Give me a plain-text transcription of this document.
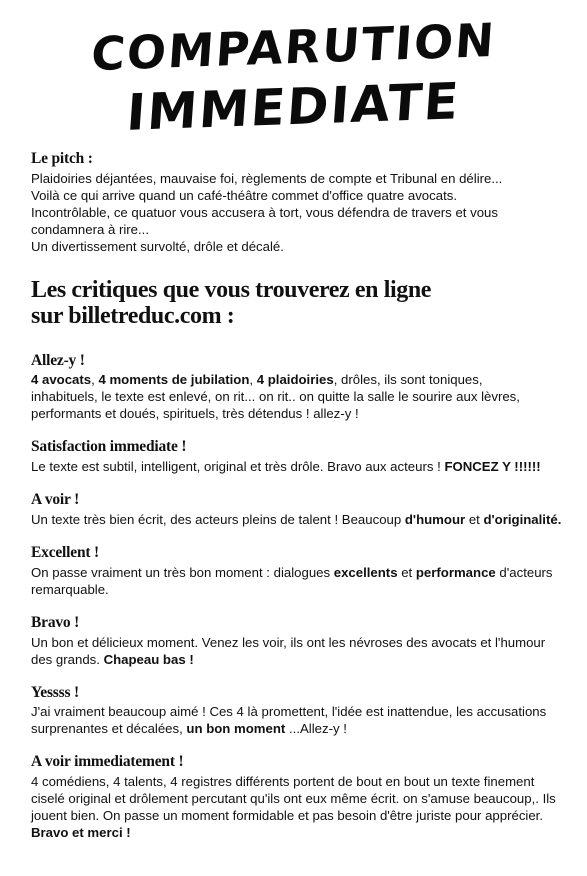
COMPARUTION
IMMEDIATE
Le pitch :
Plaidoiries déjantées, mauvaise foi, règlements de compte et Tribunal en délire...
Voilà ce qui arrive quand un café-théâtre commet d'office quatre avocats.
Incontrôlable, ce quatuor vous accusera à tort, vous défendra de travers et vous
condamnera à rire...
Un divertissement survolté, drôle et décalé.
Les critiques que vous trouverez en ligne
sur billetreduc.com :
Allez-y !
4 avocats, 4 moments de jubilation, 4 plaidoiries, drôles, ils sont toniques,
inhabituels, le texte est enlevé, on rit... on rit.. on quitte la salle le sourire aux lèvres,
performants et doués, spirituels, très détendus ! allez-y !
Satisfaction immediate !
Le texte est subtil, intelligent, original et très drôle. Bravo aux acteurs ! FONCEZ Y !!!!!!
A voir !
Un texte très bien écrit, des acteurs pleins de talent ! Beaucoup d'humour et d'originalité.
Excellent !
On passe vraiment un très bon moment : dialogues excellents et performance d'acteurs
remarquable.
Bravo !
Un bon et délicieux moment. Venez les voir, ils ont les névroses des avocats et l'humour
des grands. Chapeau bas !
Yessss !
J'ai vraiment beaucoup aimé ! Ces 4 là promettent, l'idée est inattendue, les accusations
surprenantes et décalées, un bon moment ...Allez-y !
A voir immediatement !
4 comédiens, 4 talents, 4 registres différents portent de bout en bout un texte finement
ciselé original et drôlement percutant qu'ils ont eux même écrit. on s'amuse beaucoup,. Ils
jouent bien. On passe un moment formidable et pas besoin d'être juriste pour apprécier.
Bravo et merci !
